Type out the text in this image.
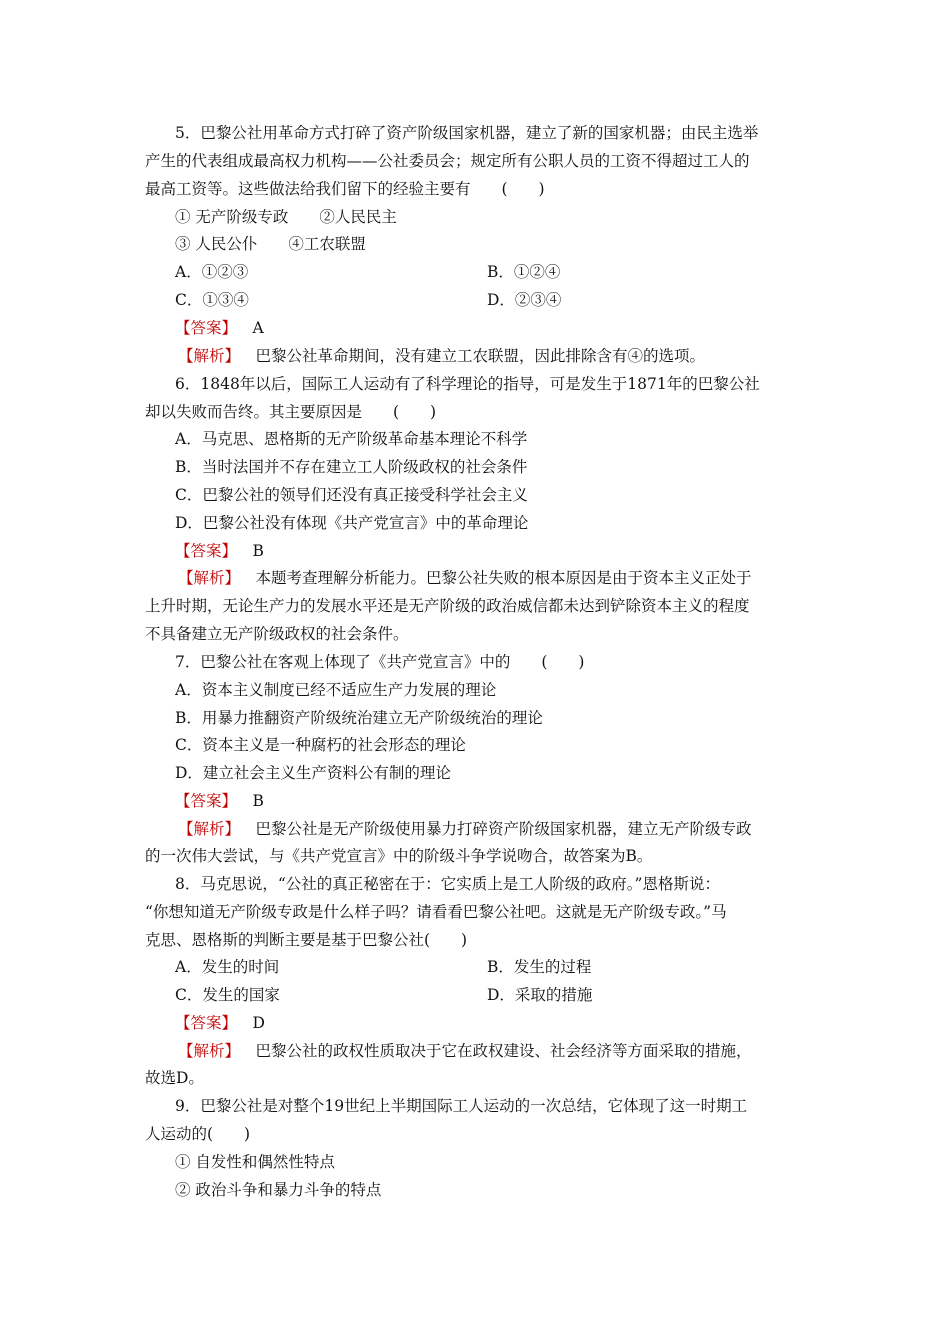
5．巴黎公社用革命方式打碎了资产阶级国家机器，建立了新的国家机器；由民主选举
产生的代表组成最高权力机构——公社委员会；规定所有公职人员的工资不得超过工人的
最高工资等。这些做法给我们留下的经验主要有　　(　　)
① 无产阶级专政　　②人民民主
③ 人民公仆　　④工农联盟
A．①②③	B．①②④
C．①③④	D．②③④
【答案】  A
【解析】  巴黎公社革命期间，没有建立工农联盟，因此排除含有④的选项。
6．1848年以后，国际工人运动有了科学理论的指导，可是发生于1871年的巴黎公社
却以失败而告终。其主要原因是　　(　　)
A．马克思、恩格斯的无产阶级革命基本理论不科学
B．当时法国并不存在建立工人阶级政权的社会条件
C．巴黎公社的领导们还没有真正接受科学社会主义
D．巴黎公社没有体现《共产党宣言》中的革命理论
【答案】  B
【解析】  本题考查理解分析能力。巴黎公社失败的根本原因是由于资本主义正处于
上升时期，无论生产力的发展水平还是无产阶级的政治威信都未达到铲除资本主义的程度
不具备建立无产阶级政权的社会条件。
7．巴黎公社在客观上体现了《共产党宣言》中的　　(　　)
A．资本主义制度已经不适应生产力发展的理论
B．用暴力推翻资产阶级统治建立无产阶级统治的理论
C．资本主义是一种腐朽的社会形态的理论
D．建立社会主义生产资料公有制的理论
【答案】  B
【解析】  巴黎公社是无产阶级使用暴力打碎资产阶级国家机器，建立无产阶级专政
的一次伟大尝试，与《共产党宣言》中的阶级斗争学说吻合，故答案为B。
8．马克思说，“公社的真正秘密在于：它实质上是工人阶级的政府。”恩格斯说：
“你想知道无产阶级专政是什么样子吗？请看看巴黎公社吧。这就是无产阶级专政。”马
克思、恩格斯的判断主要是基于巴黎公社(　　)
A．发生的时间	B．发生的过程
C．发生的国家	D．采取的措施
【答案】  D
【解析】  巴黎公社的政权性质取决于它在政权建设、社会经济等方面采取的措施，
故选D。
9．巴黎公社是对整个19世纪上半期国际工人运动的一次总结，它体现了这一时期工
人运动的(　　)
① 自发性和偶然性特点
② 政治斗争和暴力斗争的特点
